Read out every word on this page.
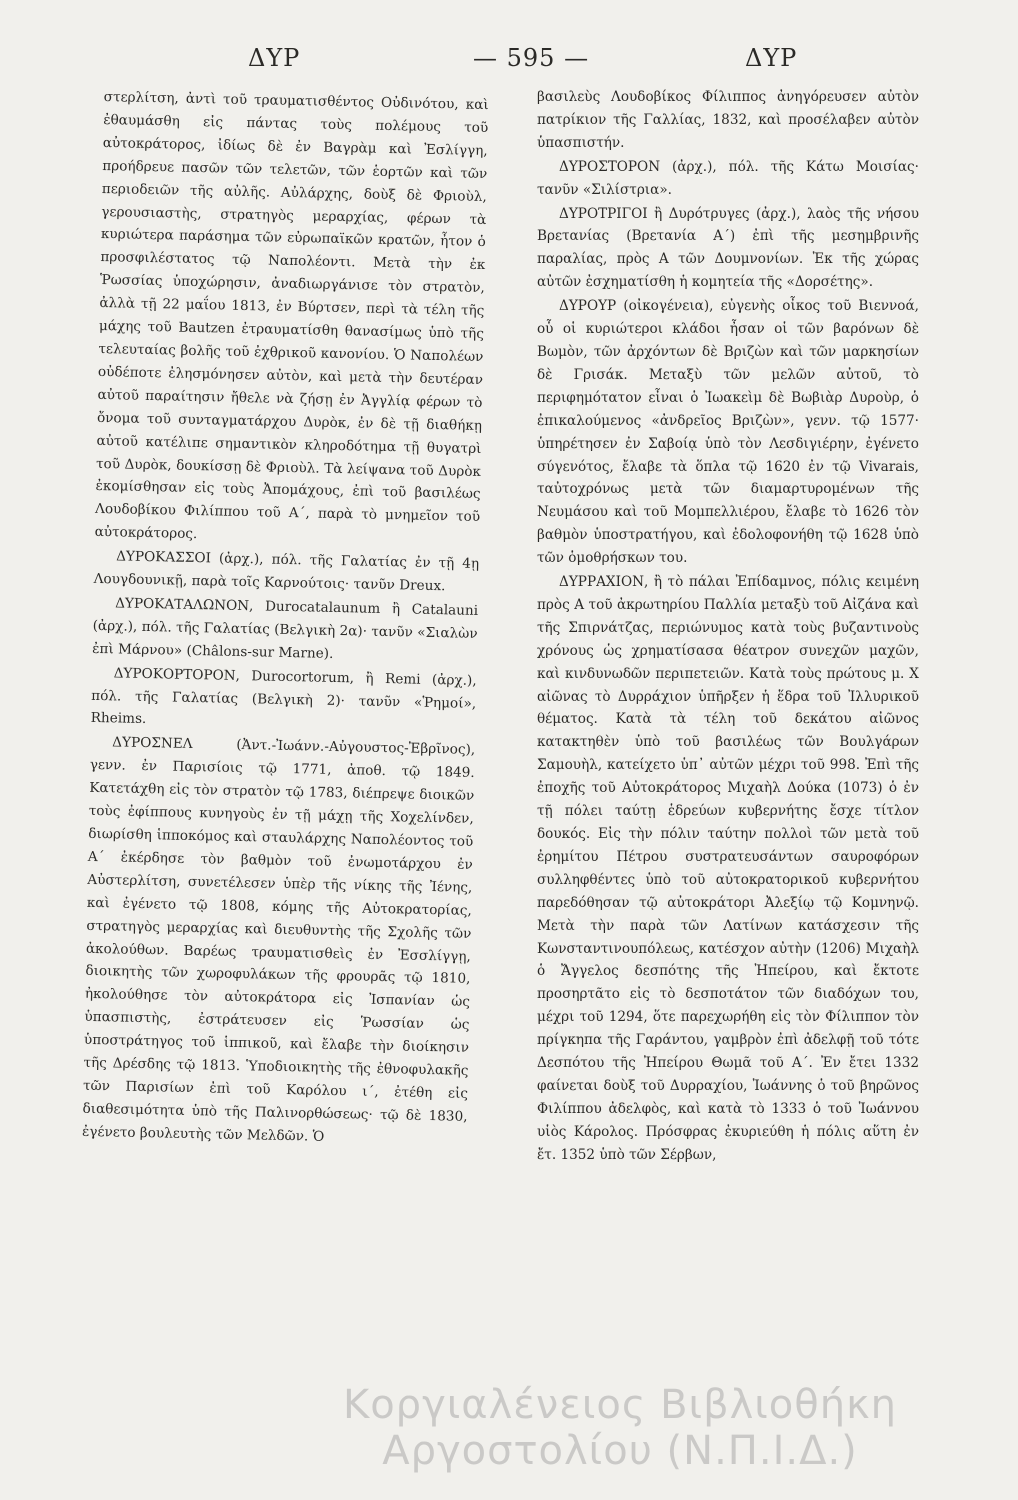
ΔΥΡ	— 595 —	ΔΥΡ

στερλίτση, ἀντὶ τοῦ τραυματισθέντος Οὐδινότου, καὶ ἐθαυμάσθη εἰς πάντας τοὺς πολέμους τοῦ αὐτοκράτορος, ἰδίως δὲ ἐν Βαγρὰμ καὶ Ἐσλίγγη, προήδρευε πασῶν τῶν τελετῶν, τῶν ἑορτῶν καὶ τῶν περιοδειῶν τῆς αὐλῆς. Αὐλάρχης, δοὺξ δὲ Φριοὺλ, γερουσιαστὴς, στρατηγὸς μεραρχίας, φέρων τὰ κυριώτερα παράσημα τῶν εὐρωπαϊκῶν κρατῶν, ἦτον ὁ προσφιλέστατος τῷ Ναπολέοντι. Μετὰ τὴν ἐκ Ῥωσσίας ὑποχώρησιν, ἀναδιωργάνισε τὸν στρατὸν, ἀλλὰ τῇ 22 μαΐου 1813, ἐν Βύρτσεν, περὶ τὰ τέλη τῆς μάχης τοῦ Bautzen ἐτραυματίσθη θανασίμως ὑπὸ τῆς τελευταίας βολῆς τοῦ ἐχθρικοῦ κανονίου. Ὁ Ναπολέων οὐδέποτε ἐλησμόνησεν αὐτὸν, καὶ μετὰ τὴν δευτέραν αὐτοῦ παραίτησιν ἤθελε νὰ ζήσῃ ἐν Ἀγγλίᾳ φέρων τὸ ὄνομα τοῦ συνταγματάρχου Δυρὸκ, ἐν δὲ τῇ διαθήκῃ αὐτοῦ κατέλιπε σημαντικὸν κληροδότημα τῇ θυγατρὶ τοῦ Δυρὸκ, δουκίσσῃ δὲ Φριοὺλ. Τὰ λείψανα τοῦ Δυρὸκ ἐκομίσθησαν εἰς τοὺς Ἀπομάχους, ἐπὶ τοῦ βασιλέως Λουδοβίκου Φιλίππου τοῦ Α΄, παρὰ τὸ μνημεῖον τοῦ αὐτοκράτορος.

ΔΥΡΟΚΑΣΣΟΙ (ἀρχ.), πόλ. τῆς Γαλατίας ἐν τῇ 4ῃ Λουγδουνικῇ, παρὰ τοῖς Καρνούτοις· τανῦν Dreux.

ΔΥΡΟΚΑΤΑΛΩΝΟΝ, Durocatalaunum ἢ Catalauni (ἀρχ.), πόλ. τῆς Γαλατίας (Βελγικὴ 2α)· τανῦν «Σιαλὼν ἐπὶ Μάρνου» (Châlons-sur Marne).

ΔΥΡΟΚΟΡΤΟΡΟΝ, Durocortorum, ἢ Remi (ἀρχ.), πόλ. τῆς Γαλατίας (Βελγικὴ 2)· τανῦν «Ῥημοί», Rheims.

ΔΥΡΟΣΝΕΛ (Ἀντ.-Ἰωάνν.-Αὐγουστος-Ἐβρῖνος), γενν. ἐν Παρισίοις τῷ 1771, ἀποθ. τῷ 1849. Κατετάχθη εἰς τὸν στρατὸν τῷ 1783, διέπρεψε διοικῶν τοὺς ἐφίππους κυνηγοὺς ἐν τῇ μάχῃ τῆς Χοχελίνδεν, διωρίσθη ἱπποκόμος καὶ σταυλάρχης Ναπολέοντος τοῦ Α΄ ἐκέρδησε τὸν βαθμὸν τοῦ ἐνωμοτάρχου ἐν Αὐστερλίτση, συνετέλεσεν ὑπὲρ τῆς νίκης τῆς Ἰένης, καὶ ἐγένετο τῷ 1808, κόμης τῆς Αὐτοκρατορίας, στρατηγὸς μεραρχίας καὶ διευθυντὴς τῆς Σχολῆς τῶν ἀκολούθων. Βαρέως τραυματισθεὶς ἐν Ἐσσλίγγῃ, διοικητὴς τῶν χωροφυλάκων τῆς φρουρᾶς τῷ 1810, ἠκολούθησε τὸν αὐτοκράτορα εἰς Ἰσπανίαν ὡς ὑπασπιστὴς, ἐστράτευσεν εἰς Ῥωσσίαν ὡς ὑποστράτηγος τοῦ ἱππικοῦ, καὶ ἔλαβε τὴν διοίκησιν τῆς Δρέσδης τῷ 1813. Ὑποδιοικητὴς τῆς ἐθνοφυλακῆς τῶν Παρισίων ἐπὶ τοῦ Καρόλου ι΄, ἐτέθη εἰς διαθεσιμότητα ὑπὸ τῆς Παλινορθώσεως· τῷ δὲ 1830, ἐγένετο βουλευτὴς τῶν Μελδῶν. Ὁ

βασιλεὺς Λουδοβίκος Φίλιππος ἀνηγόρευσεν αὐτὸν πατρίκιον τῆς Γαλλίας, 1832, καὶ προσέλαβεν αὐτὸν ὑπασπιστήν.

ΔΥΡΟΣΤΟΡΟΝ (ἀρχ.), πόλ. τῆς Κάτω Μοισίας· τανῦν «Σιλίστρια».

ΔΥΡΟΤΡΙΓΟΙ ἢ Δυρότρυγες (ἀρχ.), λαὸς τῆς νήσου Βρετανίας (Βρετανία Α΄) ἐπὶ τῆς μεσημβρινῆς παραλίας, πρὸς Α τῶν Δουμνονίων. Ἐκ τῆς χώρας αὐτῶν ἐσχηματίσθη ἡ κομητεία τῆς «Δορσέτης».

ΔΥΡΟΥΡ (οἰκογένεια), εὐγενὴς οἶκος τοῦ Βιεννοά, οὗ οἱ κυριώτεροι κλάδοι ἦσαν οἱ τῶν βαρόνων δὲ Βωμὸν, τῶν ἀρχόντων δὲ Βριζὼν καὶ τῶν μαρκησίων δὲ Γρισάκ. Μεταξὺ τῶν μελῶν αὐτοῦ, τὸ περιφημότατον εἶναι ὁ Ἰωακεὶμ δὲ Βωβιὰρ Δυροὺρ, ὁ ἐπικαλούμενος «ἀνδρεῖος Βριζὼν», γενν. τῷ 1577· ὑπηρέτησεν ἐν Σαβοίᾳ ὑπὸ τὸν Λεσδιγιέρην, ἐγένετο σύγενότος, ἔλαβε τὰ ὅπλα τῷ 1620 ἐν τῷ Vivarais, ταὐτοχρόνως μετὰ τῶν διαμαρτυρομένων τῆς Νευμάσου καὶ τοῦ Μομπελλιέρου, ἔλαβε τὸ 1626 τὸν βαθμὸν ὑποστρατήγου, καὶ ἐδολοφονήθη τῷ 1628 ὑπὸ τῶν ὁμοθρήσκων του.

ΔΥΡΡΑΧΙΟΝ, ἢ τὸ πάλαι Ἐπίδαμνος, πόλις κειμένη πρὸς Α τοῦ ἀκρωτηρίου Παλλία μεταξὺ τοῦ Αἰζάνα καὶ τῆς Σπιρνάτζας, περιώνυμος κατὰ τοὺς βυζαντινοὺς χρόνους ὡς χρηματίσασα θέατρον συνεχῶν μαχῶν, καὶ κινδυνωδῶν περιπετειῶν. Κατὰ τοὺς πρώτους μ. Χ αἰῶνας τὸ Δυρράχιον ὑπῆρξεν ἡ ἕδρα τοῦ Ἰλλυρικοῦ θέματος. Κατὰ τὰ τέλη τοῦ δεκάτου αἰῶνος κατακτηθὲν ὑπὸ τοῦ βασιλέως τῶν Βουλγάρων Σαμουὴλ, κατείχετο ὑπ᾽ αὐτῶν μέχρι τοῦ 998. Ἐπὶ τῆς ἐποχῆς τοῦ Αὐτοκράτορος Μιχαὴλ Δούκα (1073) ὁ ἐν τῇ πόλει ταύτῃ ἑδρεύων κυβερνήτης ἔσχε τίτλον δουκός. Εἰς τὴν πόλιν ταύτην πολλοὶ τῶν μετὰ τοῦ ἐρημίτου Πέτρου συστρατευσάντων σαυροφόρων συλληφθέντες ὑπὸ τοῦ αὐτοκρατορικοῦ κυβερνήτου παρεδόθησαν τῷ αὐτοκράτορι Ἀλεξίῳ τῷ Κομνηνῷ. Μετὰ τὴν παρὰ τῶν Λατίνων κατάσχεσιν τῆς Κωνσταντινουπόλεως, κατέσχον αὐτὴν (1206) Μιχαὴλ ὁ Ἄγγελος δεσπότης τῆς Ἠπείρου, καὶ ἔκτοτε προσηρτᾶτο εἰς τὸ δεσποτάτον τῶν διαδόχων του, μέχρι τοῦ 1294, ὅτε παρεχωρήθη εἰς τὸν Φίλιππον τὸν πρίγκηπα τῆς Γαράντου, γαμβρὸν ἐπὶ ἀδελφῇ τοῦ τότε Δεσπότου τῆς Ἠπείρου Θωμᾶ τοῦ Α΄. Ἐν ἔτει 1332 φαίνεται δοὺξ τοῦ Δυρραχίου, Ἰωάννης ὁ τοῦ βηρῶνος Φιλίππου ἀδελφὸς, καὶ κατὰ τὸ 1333 ὁ τοῦ Ἰωάννου υἱὸς Κάρολος. Πρόσφρας ἐκυριεύθη ἡ πόλις αὕτη ἐν ἔτ. 1352 ὑπὸ τῶν Σέρβων,

Κοργιαλένειος Βιβλιοθήκη
Αργοστολίου (Ν.Π.Ι.Δ.)
